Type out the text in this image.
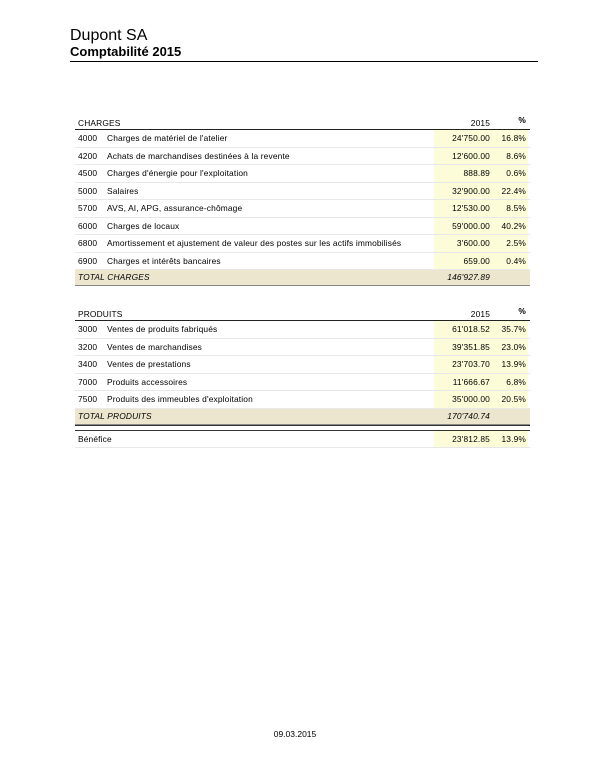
Dupont SA
Comptabilité 2015
CHARGES	2015	%
4000 Charges de matériel de l'atelier	24'750.00	16.8%
4200 Achats de marchandises destinées à la revente	12'600.00	8.6%
4500 Charges d'énergie pour l'exploitation	888.89	0.6%
5000 Salaires	32'900.00	22.4%
5700 AVS, AI, APG, assurance-chômage	12'530.00	8.5%
6000 Charges de locaux	59'000.00	40.2%
6800 Amortissement et ajustement de valeur des postes sur les actifs immobilisés	3'600.00	2.5%
6900 Charges et intérêts bancaires	659.00	0.4%
TOTAL CHARGES	146'927.89
PRODUITS	2015	%
3000 Ventes de produits fabriqués	61'018.52	35.7%
3200 Ventes de marchandises	39'351.85	23.0%
3400 Ventes de prestations	23'703.70	13.9%
7000 Produits accessoires	11'666.67	6.8%
7500 Produits des immeubles d'exploitation	35'000.00	20.5%
TOTAL PRODUITS	170'740.74
Bénéfice	23'812.85	13.9%
09.03.2015
